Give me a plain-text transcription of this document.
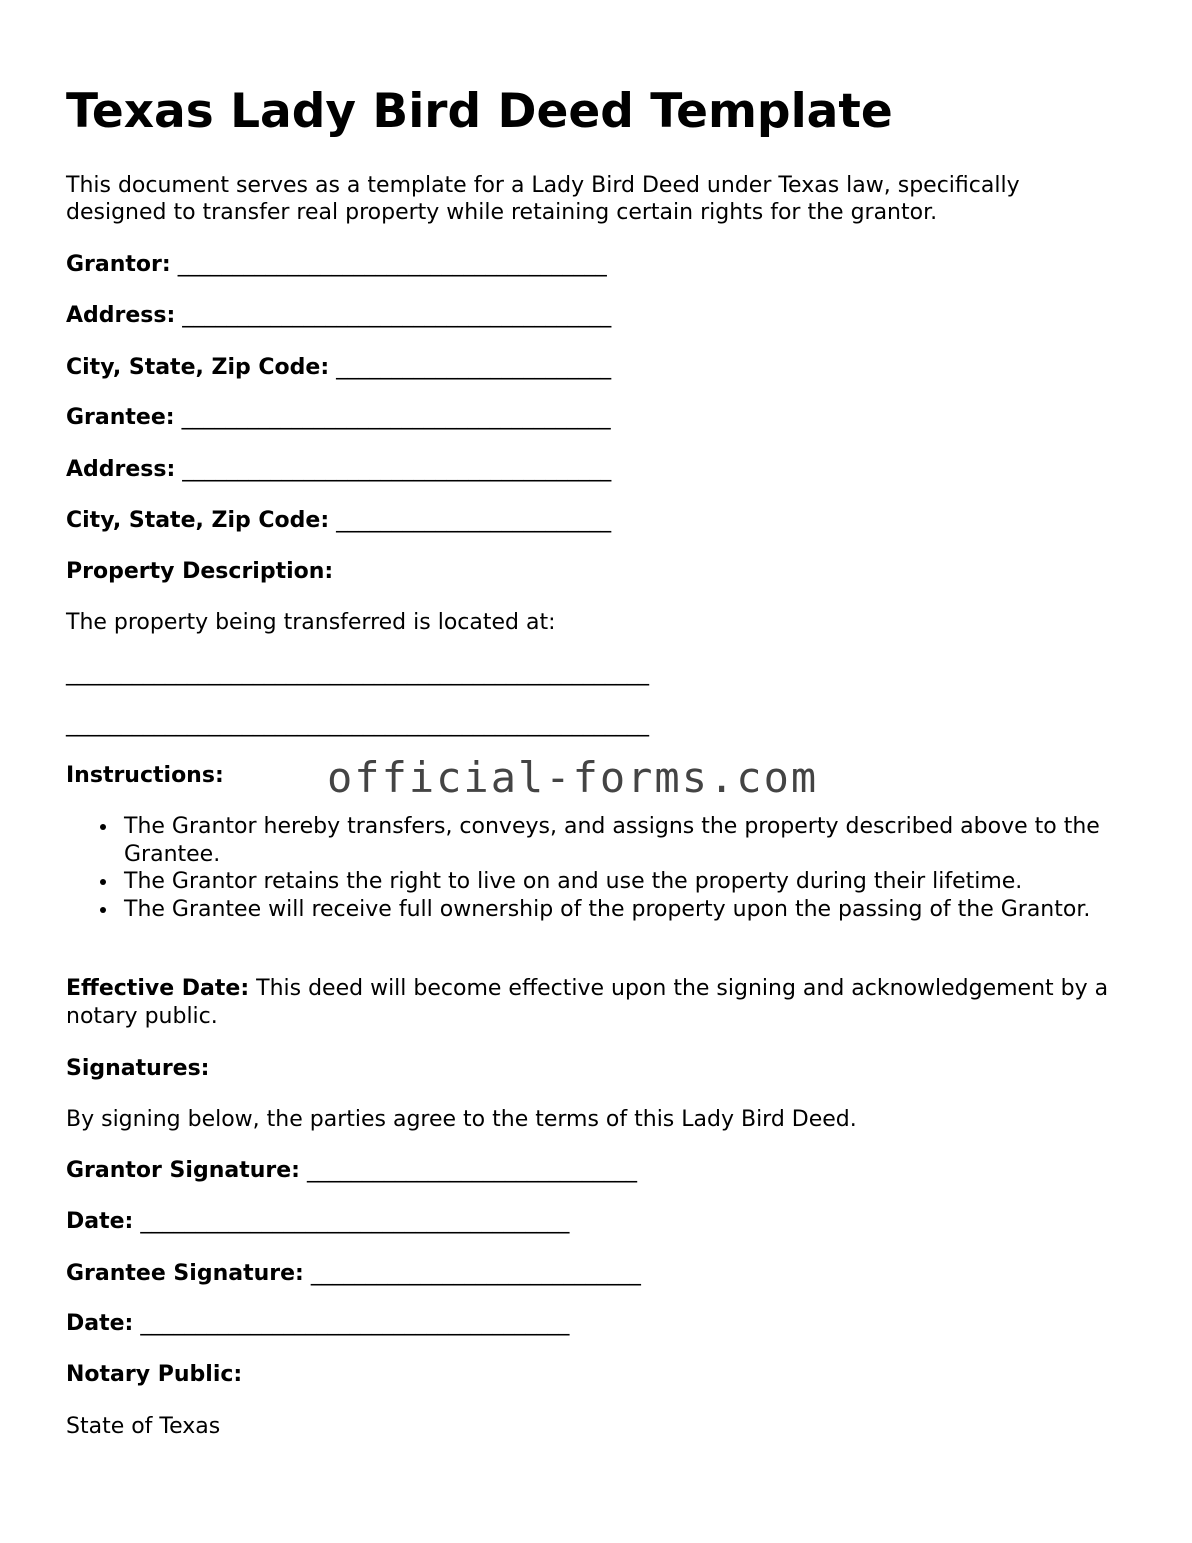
Texas Lady Bird Deed Template

This document serves as a template for a Lady Bird Deed under Texas law, specifically designed to transfer real property while retaining certain rights for the grantor.

Grantor: _______________________________________

Address: _______________________________________

City, State, Zip Code: _________________________

Grantee: _______________________________________

Address: _______________________________________

City, State, Zip Code: _________________________

Property Description:

The property being transferred is located at:

_____________________________________________________

_____________________________________________________

Instructions:

The Grantor hereby transfers, conveys, and assigns the property described above to the Grantee.
The Grantor retains the right to live on and use the property during their lifetime.
The Grantee will receive full ownership of the property upon the passing of the Grantor.

Effective Date: This deed will become effective upon the signing and acknowledgement by a notary public.

Signatures:

By signing below, the parties agree to the terms of this Lady Bird Deed.

Grantor Signature: ______________________________

Date: _______________________________________

Grantee Signature: ______________________________

Date: _______________________________________

Notary Public:

State of Texas

official-forms.com
